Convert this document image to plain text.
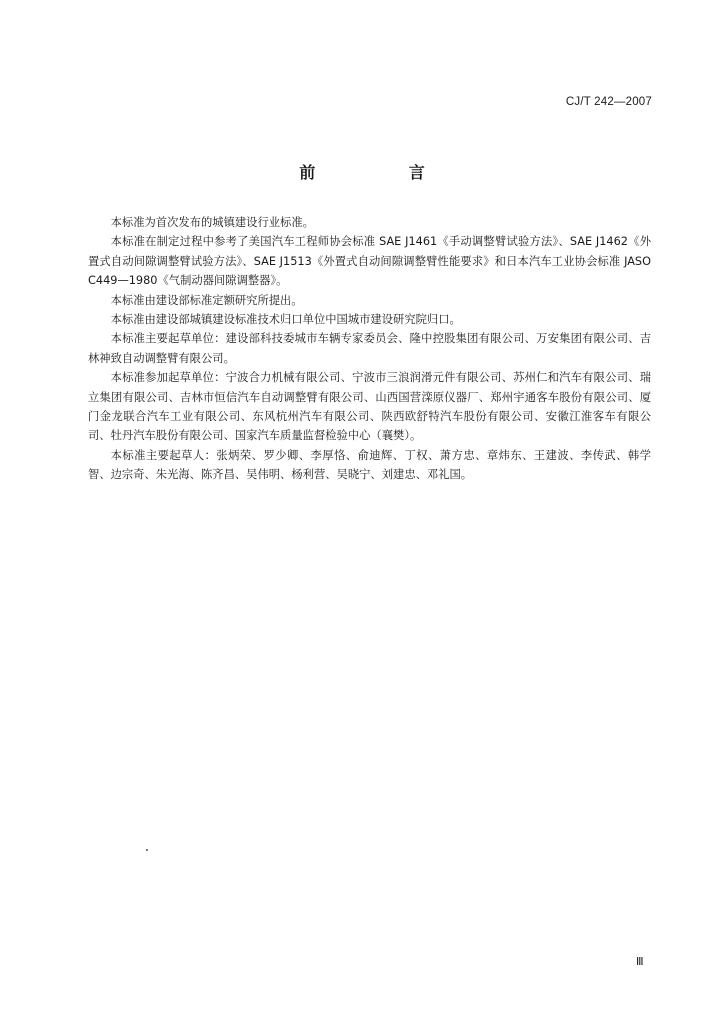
CJ/T 242—2007
前 言

本标准为首次发布的城镇建设行业标准。

本标准在制定过程中参考了美国汽车工程师协会标准 SAE J1461《手动调整臂试验方法》、SAE J1462《外置式自动间隙调整臂试验方法》、SAE J1513《外置式自动间隙调整臂性能要求》和日本汽车工业协会标准 JASO C449—1980《气制动器间隙调整器》。

本标准由建设部标准定额研究所提出。

本标准由建设部城镇建设标准技术归口单位中国城市建设研究院归口。

本标准主要起草单位：建设部科技委城市车辆专家委员会、隆中控股集团有限公司、万安集团有限公司、吉林神致自动调整臂有限公司。

本标准参加起草单位：宁波合力机械有限公司、宁波市三浪润滑元件有限公司、苏州仁和汽车有限公司、瑞立集团有限公司、吉林市恒信汽车自动调整臂有限公司、山西国营滦原仪器厂、郑州宇通客车股份有限公司、厦门金龙联合汽车工业有限公司、东风杭州汽车有限公司、陕西欧舒特汽车股份有限公司、安徽江淮客车有限公司、牡丹汽车股份有限公司、国家汽车质量监督检验中心（襄樊）。

本标准主要起草人：张炳荣、罗少卿、李厚恪、俞迪辉、丁权、萧方忠、章炜东、王建波、李传武、韩学智、边宗奇、朱光海、陈齐昌、吴伟明、杨利营、吴晓宁、刘建忠、邓礼国。

Ⅲ
